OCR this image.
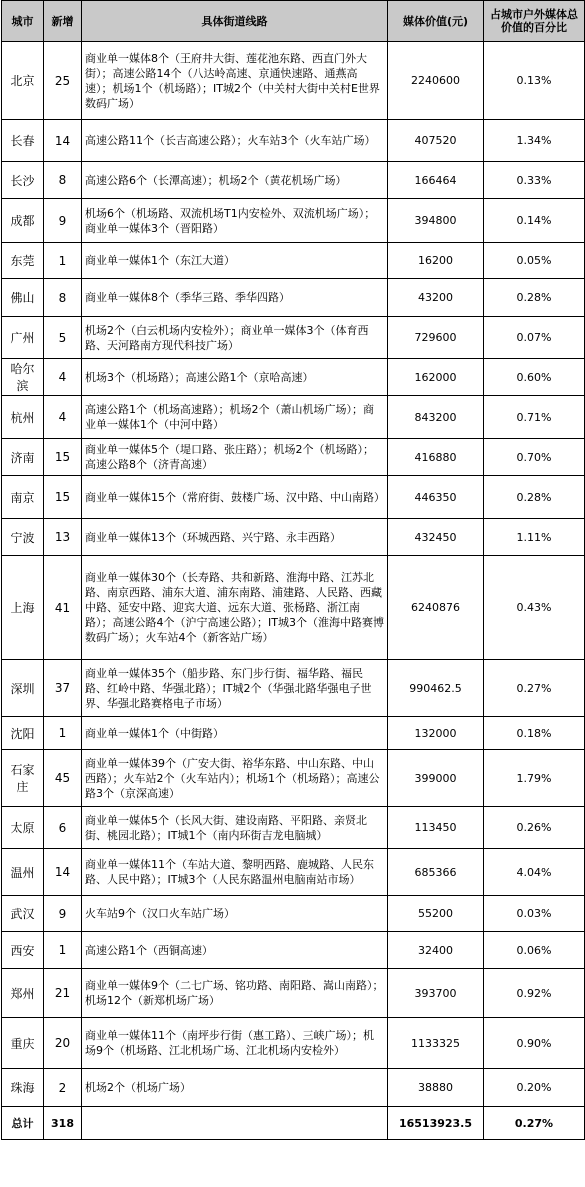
城市	新增	具体街道线路	媒体价值(元)	占城市户外媒体总价值的百分比
北京	25	商业单一媒体8个（王府井大街、莲花池东路、西直门外大街）；高速公路14个（八达岭高速、京通快速路、通燕高速）；机场1个（机场路）；IT城2个（中关村大街中关村E世界数码广场）	2240600	0.13%
长春	14	高速公路11个（长吉高速公路）；火车站3个（火车站广场）	407520	1.34%
长沙	8	高速公路6个（长潭高速）；机场2个（黄花机场广场）	166464	0.33%
成都	9	机场6个（机场路、双流机场T1内安检外、双流机场广场）；商业单一媒体3个（晋阳路）	394800	0.14%
东莞	1	商业单一媒体1个（东江大道）	16200	0.05%
佛山	8	商业单一媒体8个（季华三路、季华四路）	43200	0.28%
广州	5	机场2个（白云机场内安检外）；商业单一媒体3个（体育西路、天河路南方现代科技广场）	729600	0.07%
哈尔滨	4	机场3个（机场路）；高速公路1个（京哈高速）	162000	0.60%
杭州	4	高速公路1个（机场高速路）；机场2个（萧山机场广场）；商业单一媒体1个（中河中路）	843200	0.71%
济南	15	商业单一媒体5个（堤口路、张庄路）；机场2个（机场路）；高速公路8个（济青高速）	416880	0.70%
南京	15	商业单一媒体15个（常府街、鼓楼广场、汉中路、中山南路）	446350	0.28%
宁波	13	商业单一媒体13个（环城西路、兴宁路、永丰西路）	432450	1.11%
上海	41	商业单一媒体30个（长寿路、共和新路、淮海中路、江苏北路、南京西路、浦东大道、浦东南路、浦建路、人民路、西藏中路、延安中路、迎宾大道、远东大道、张杨路、浙江南路）；高速公路4个（沪宁高速公路）；IT城3个（淮海中路赛博数码广场）；火车站4个（新客站广场）	6240876	0.43%
深圳	37	商业单一媒体35个（船步路、东门步行街、福华路、福民路、红岭中路、华强北路）；IT城2个（华强北路华强电子世界、华强北路赛格电子市场）	990462.5	0.27%
沈阳	1	商业单一媒体1个（中街路）	132000	0.18%
石家庄	45	商业单一媒体39个（广安大街、裕华东路、中山东路、中山西路）；火车站2个（火车站内）；机场1个（机场路）；高速公路3个（京深高速）	399000	1.79%
太原	6	商业单一媒体5个（长风大街、建设南路、平阳路、亲贤北街、桃园北路）；IT城1个（南内环街吉龙电脑城）	113450	0.26%
温州	14	商业单一媒体11个（车站大道、黎明西路、鹿城路、人民东路、人民中路）；IT城3个（人民东路温州电脑南站市场）	685366	4.04%
武汉	9	火车站9个（汉口火车站广场）	55200	0.03%
西安	1	高速公路1个（西铜高速）	32400	0.06%
郑州	21	商业单一媒体9个（二七广场、铭功路、南阳路、嵩山南路）；机场12个（新郑机场广场）	393700	0.92%
重庆	20	商业单一媒体11个（南坪步行街（惠工路）、三峡广场）；机场9个（机场路、江北机场广场、江北机场内安检外）	1133325	0.90%
珠海	2	机场2个（机场广场）	38880	0.20%
总计	318		16513923.5	0.27%
